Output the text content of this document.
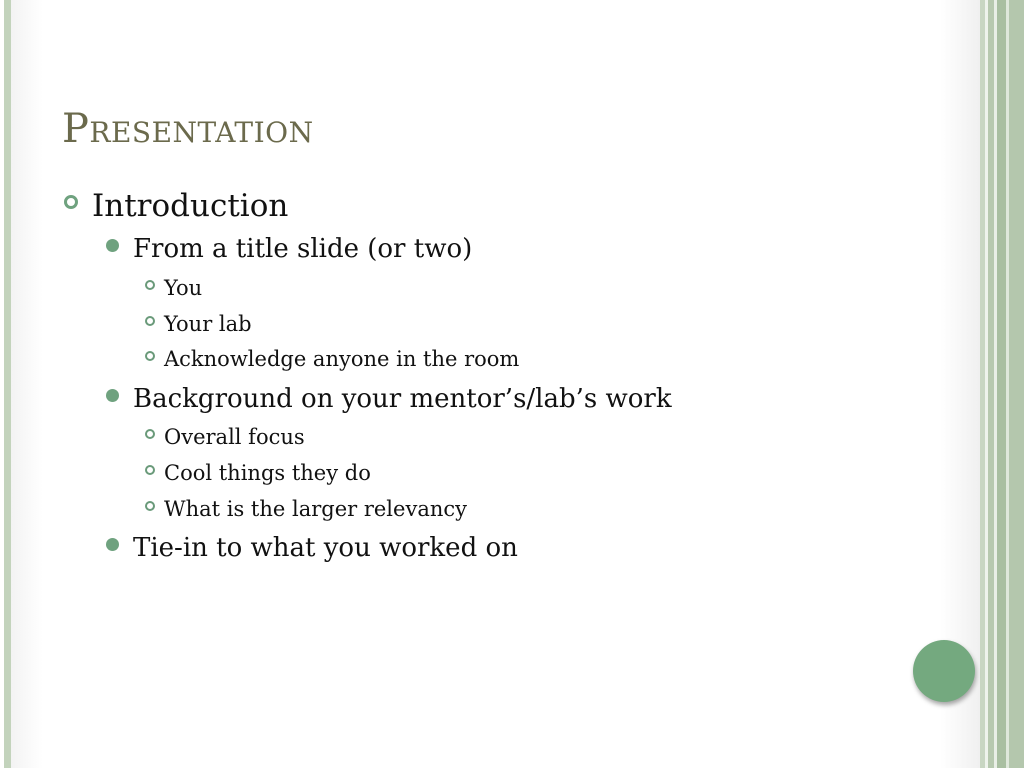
Presentation
Introduction
From a title slide (or two)
You
Your lab
Acknowledge anyone in the room
Background on your mentor’s/lab’s work
Overall focus
Cool things they do
What is the larger relevancy
Tie-in to what you worked on
